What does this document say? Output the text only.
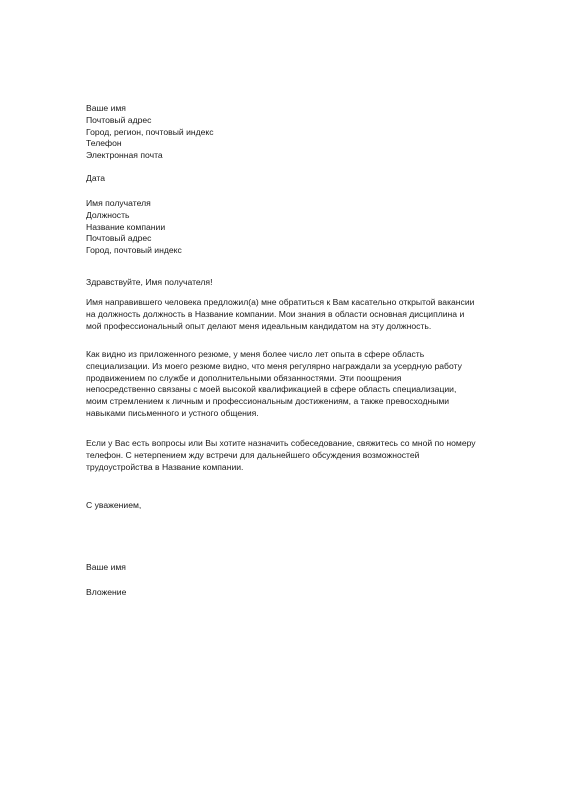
Ваше имя
Почтовый адрес
Город, регион, почтовый индекс
Телефон
Электронная почта
Дата
Имя получателя
Должность
Название компании
Почтовый адрес
Город, почтовый индекс
Здравствуйте, Имя получателя!
Имя направившего человека предложил(а) мне обратиться к Вам касательно открытой вакансии
на должность должность в Название компании. Мои знания в области основная дисциплина и
мой профессиональный опыт делают меня идеальным кандидатом на эту должность.
Как видно из приложенного резюме, у меня более число лет опыта в сфере область
специализации. Из моего резюме видно, что меня регулярно награждали за усердную работу
продвижением по службе и дополнительными обязанностями. Эти поощрения
непосредственно связаны с моей высокой квалификацией в сфере область специализации,
моим стремлением к личным и профессиональным достижениям, а также превосходными
навыками письменного и устного общения.
Если у Вас есть вопросы или Вы хотите назначить собеседование, свяжитесь со мной по номеру
телефон. С нетерпением жду встречи для дальнейшего обсуждения возможностей
трудоустройства в Название компании.
С уважением,
Ваше имя
Вложение
